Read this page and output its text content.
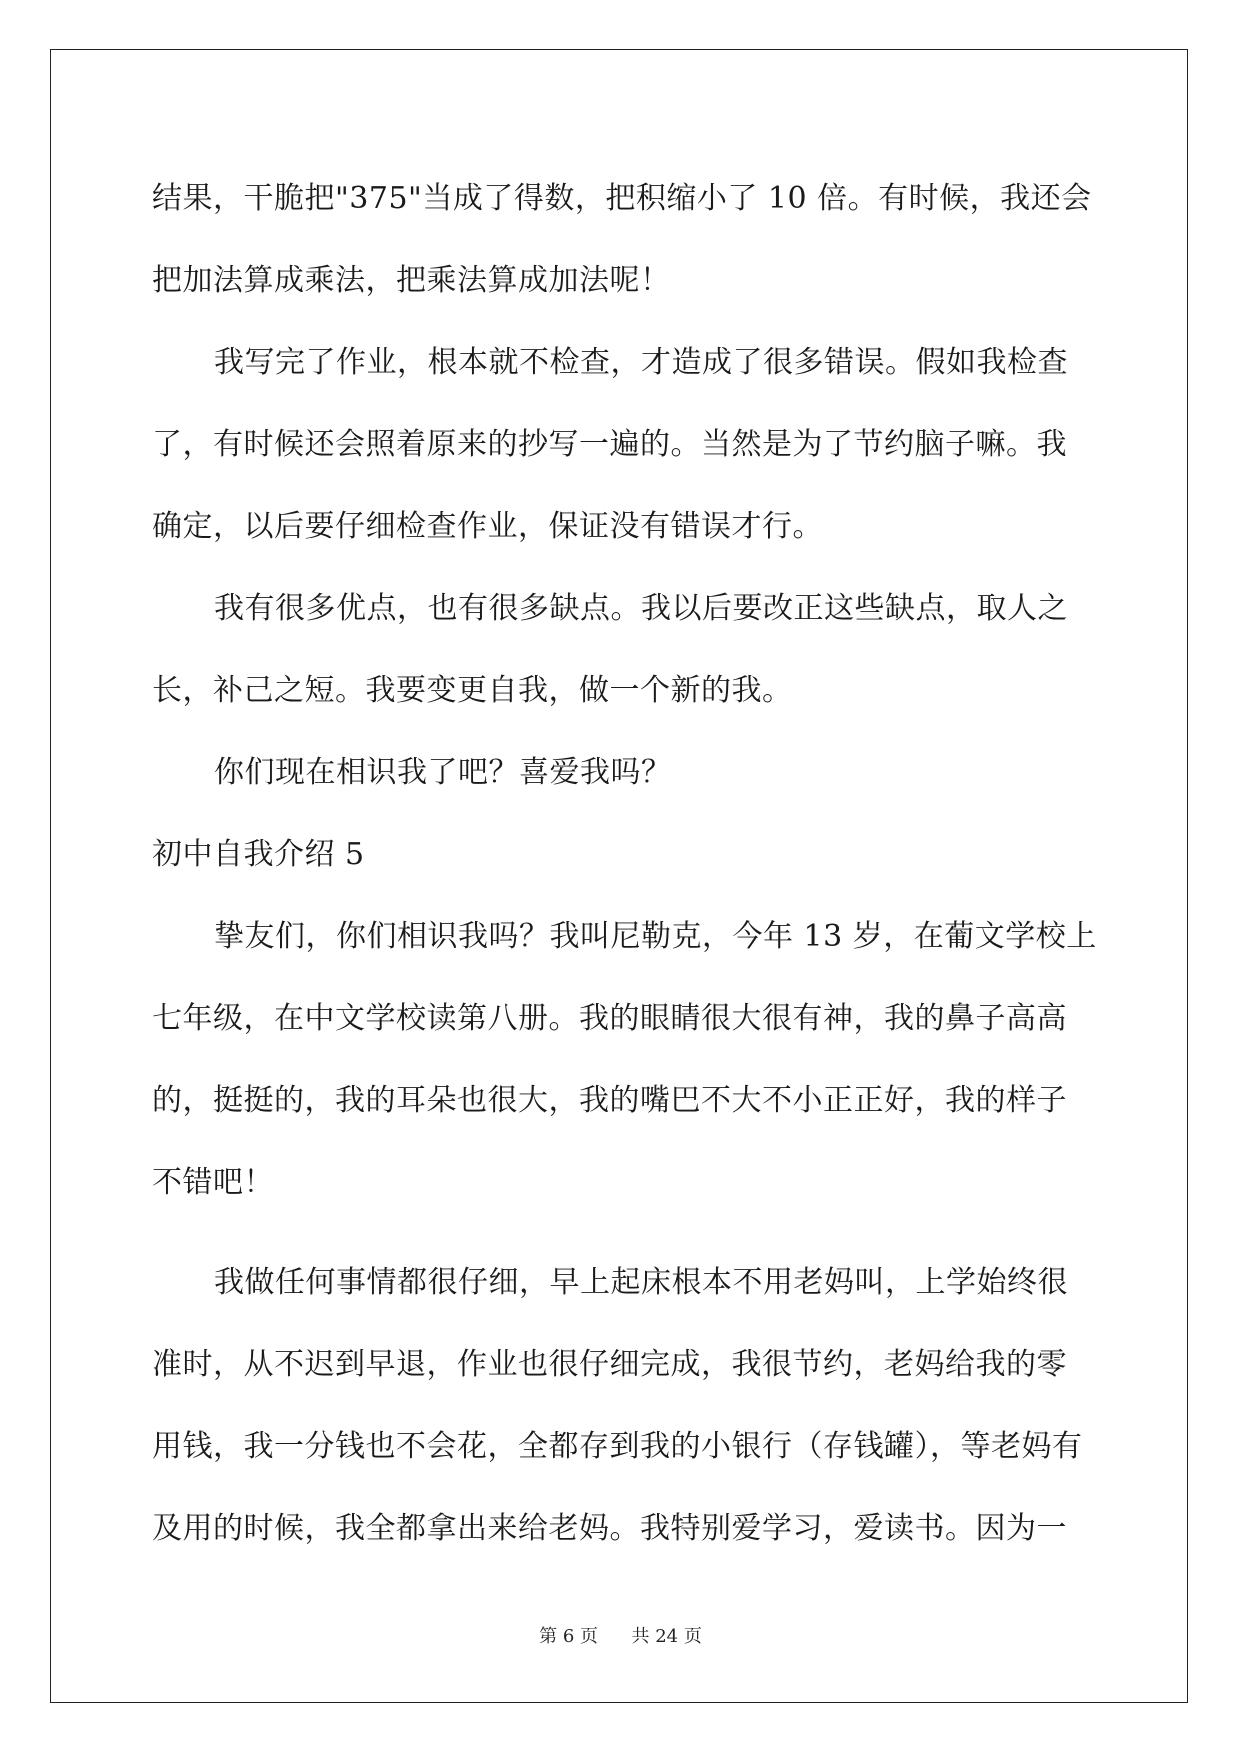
结果，干脆把"375"当成了得数，把积缩小了 10 倍。有时候，我还会
把加法算成乘法，把乘法算成加法呢！
我写完了作业，根本就不检查，才造成了很多错误。假如我检查
了，有时候还会照着原来的抄写一遍的。当然是为了节约脑子嘛。我
确定，以后要仔细检查作业，保证没有错误才行。
我有很多优点，也有很多缺点。我以后要改正这些缺点，取人之
长，补己之短。我要变更自我，做一个新的我。
你们现在相识我了吧？喜爱我吗？
初中自我介绍 5
挚友们，你们相识我吗？我叫尼勒克，今年 13 岁，在葡文学校上
七年级，在中文学校读第八册。我的眼睛很大很有神，我的鼻子高高
的，挺挺的，我的耳朵也很大，我的嘴巴不大不小正正好，我的样子
不错吧！
我做任何事情都很仔细，早上起床根本不用老妈叫，上学始终很
准时，从不迟到早退，作业也很仔细完成，我很节约，老妈给我的零
用钱，我一分钱也不会花，全都存到我的小银行（存钱罐），等老妈有
及用的时候，我全都拿出来给老妈。我特别爱学习，爱读书。因为一
第 6 页 共 24 页
